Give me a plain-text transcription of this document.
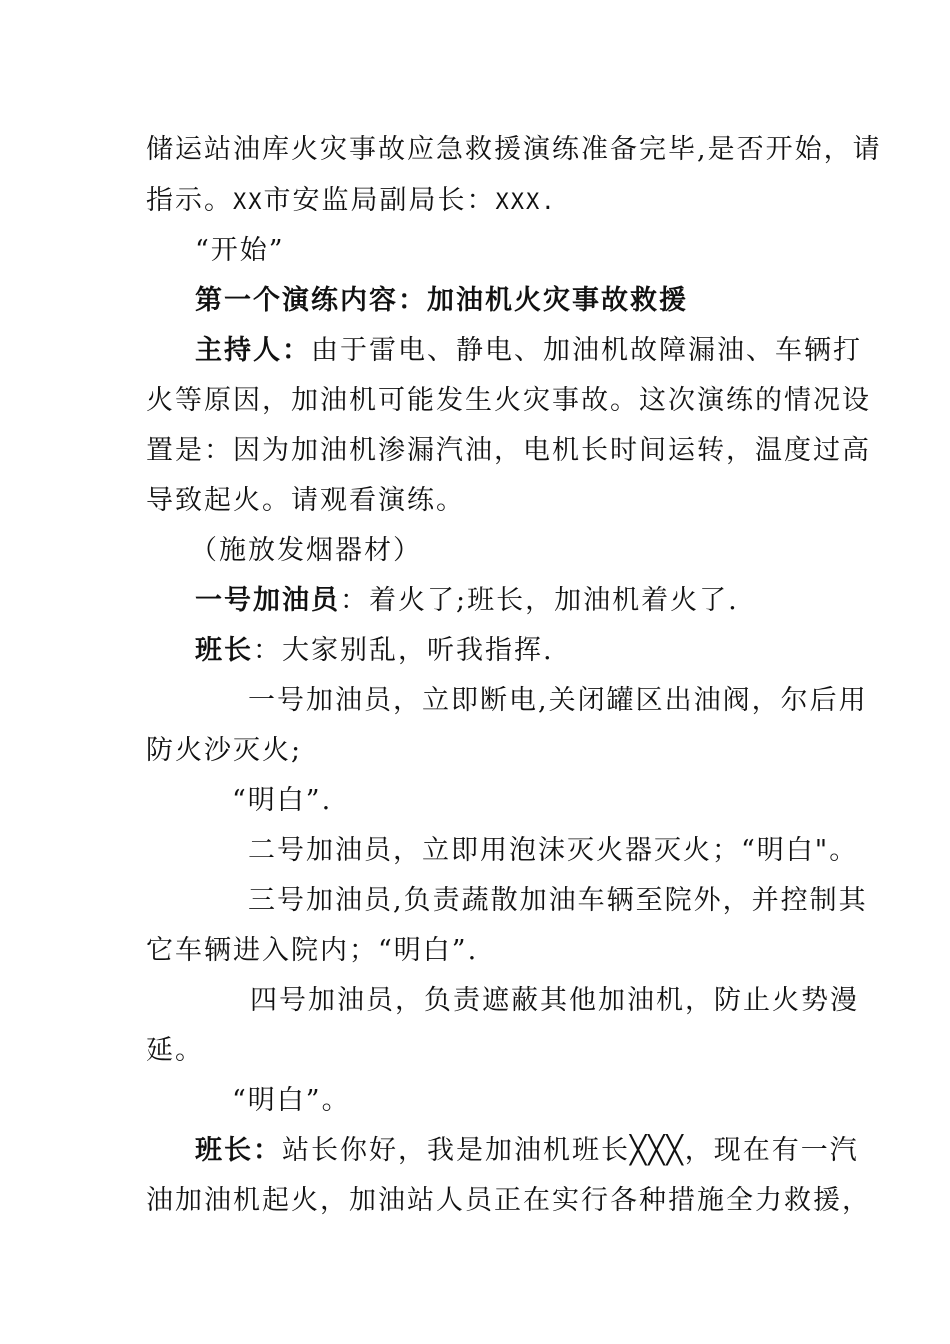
储运站油库火灾事故应急救援演练准备完毕,是否开始，请
指示。XX市安监局副局长：XXX.
“开始”
第一个演练内容：加油机火灾事故救援
主持人：由于雷电、静电、加油机故障漏油、车辆打
火等原因，加油机可能发生火灾事故。这次演练的情况设
置是：因为加油机渗漏汽油，电机长时间运转，温度过高
导致起火。请观看演练。
（施放发烟器材）
一号加油员：着火了;班长，加油机着火了.
班长：大家别乱，听我指挥.
一号加油员，立即断电,关闭罐区出油阀，尔后用
防火沙灭火;
“明白”.
二号加油员，立即用泡沫灭火器灭火；“明白"。
三号加油员,负责蔬散加油车辆至院外，并控制其
它车辆进入院内；“明白”.
四号加油员，负责遮蔽其他加油机，防止火势漫
延。
“明白”。
班长：站长你好，我是加油机班长╳╳╳，现在有一汽
油加油机起火，加油站人员正在实行各种措施全力救援，
